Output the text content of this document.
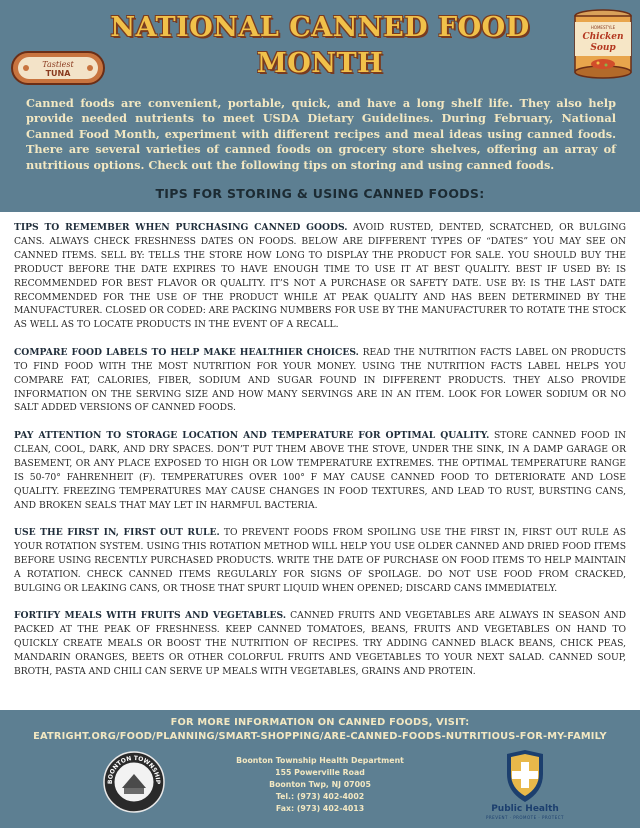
Tastiest
TUNA
NATIONAL CANNED FOOD
MONTH
HOMESTYLE
Chicken
Soup

Canned foods are convenient, portable, quick, and have a long shelf life. They also help provide needed nutrients to meet USDA Dietary Guidelines. During February, National Canned Food Month, experiment with different recipes and meal ideas using canned foods. There are several varieties of canned foods on grocery store shelves, offering an array of nutritious options. Check out the following tips on storing and using canned foods.

TIPS FOR STORING & USING CANNED FOODS:

TIPS TO REMEMBER WHEN PURCHASING CANNED GOODS. AVOID RUSTED, DENTED, SCRATCHED, OR BULGING CANS. ALWAYS CHECK FRESHNESS DATES ON FOODS. BELOW ARE DIFFERENT TYPES OF “DATES” YOU MAY SEE ON CANNED ITEMS. SELL BY: TELLS THE STORE HOW LONG TO DISPLAY THE PRODUCT FOR SALE. YOU SHOULD BUY THE PRODUCT BEFORE THE DATE EXPIRES TO HAVE ENOUGH TIME TO USE IT AT BEST QUALITY. BEST IF USED BY: IS RECOMMENDED FOR BEST FLAVOR OR QUALITY. IT’S NOT A PURCHASE OR SAFETY DATE. USE BY: IS THE LAST DATE RECOMMENDED FOR THE USE OF THE PRODUCT WHILE AT PEAK QUALITY AND HAS BEEN DETERMINED BY THE MANUFACTURER. CLOSED OR CODED: ARE PACKING NUMBERS FOR USE BY THE MANUFACTURER TO ROTATE THE STOCK AS WELL AS TO LOCATE PRODUCTS IN THE EVENT OF A RECALL.

COMPARE FOOD LABELS TO HELP MAKE HEALTHIER CHOICES. READ THE NUTRITION FACTS LABEL ON PRODUCTS TO FIND FOOD WITH THE MOST NUTRITION FOR YOUR MONEY. USING THE NUTRITION FACTS LABEL HELPS YOU COMPARE FAT, CALORIES, FIBER, SODIUM AND SUGAR FOUND IN DIFFERENT PRODUCTS. THEY ALSO PROVIDE INFORMATION ON THE SERVING SIZE AND HOW MANY SERVINGS ARE IN AN ITEM. LOOK FOR LOWER SODIUM OR NO SALT ADDED VERSIONS OF CANNED FOODS.

PAY ATTENTION TO STORAGE LOCATION AND TEMPERATURE FOR OPTIMAL QUALITY. STORE CANNED FOOD IN CLEAN, COOL, DARK, AND DRY SPACES. DON’T PUT THEM ABOVE THE STOVE, UNDER THE SINK, IN A DAMP GARAGE OR BASEMENT, OR ANY PLACE EXPOSED TO HIGH OR LOW TEMPERATURE EXTREMES. THE OPTIMAL TEMPERATURE RANGE IS 50-70° FAHRENHEIT (F). TEMPERATURES OVER 100° F MAY CAUSE CANNED FOOD TO DETERIORATE AND LOSE QUALITY. FREEZING TEMPERATURES MAY CAUSE CHANGES IN FOOD TEXTURES, AND LEAD TO RUST, BURSTING CANS, AND BROKEN SEALS THAT MAY LET IN HARMFUL BACTERIA.

USE THE FIRST IN, FIRST OUT RULE. TO PREVENT FOODS FROM SPOILING USE THE FIRST IN, FIRST OUT RULE AS YOUR ROTATION SYSTEM. USING THIS ROTATION METHOD WILL HELP YOU USE OLDER CANNED AND DRIED FOOD ITEMS BEFORE USING RECENTLY PURCHASED PRODUCTS. WRITE THE DATE OF PURCHASE ON FOOD ITEMS TO HELP MAINTAIN A ROTATION. CHECK CANNED ITEMS REGULARLY FOR SIGNS OF SPOILAGE. DO NOT USE FOOD FROM CRACKED, BULGING OR LEAKING CANS, OR THOSE THAT SPURT LIQUID WHEN OPENED; DISCARD CANS IMMEDIATELY.

FORTIFY MEALS WITH FRUITS AND VEGETABLES. CANNED FRUITS AND VEGETABLES ARE ALWAYS IN SEASON AND PACKED AT THE PEAK OF FRESHNESS. KEEP CANNED TOMATOES, BEANS, FRUITS AND VEGETABLES ON HAND TO QUICKLY CREATE MEALS OR BOOST THE NUTRITION OF RECIPES. TRY ADDING CANNED BLACK BEANS, CHICK PEAS, MANDARIN ORANGES, BEETS OR OTHER COLORFUL FRUITS AND VEGETABLES TO YOUR NEXT SALAD. CANNED SOUP, BROTH, PASTA AND CHILI CAN SERVE UP MEALS WITH VEGETABLES, GRAINS AND PROTEIN.

FOR MORE INFORMATION ON CANNED FOODS, VISIT:
EATRIGHT.ORG/FOOD/PLANNING/SMART-SHOPPING/ARE-CANNED-FOODS-NUTRITIOUS-FOR-MY-FAMILY
BOONTON TOWNSHIP
Boonton Township Health Department
155 Powerville Road
Boonton Twp, NJ 07005
Tel.: (973) 402-4002
Fax: (973) 402-4013	Public Health
PREVENT · PROMOTE · PROTECT
